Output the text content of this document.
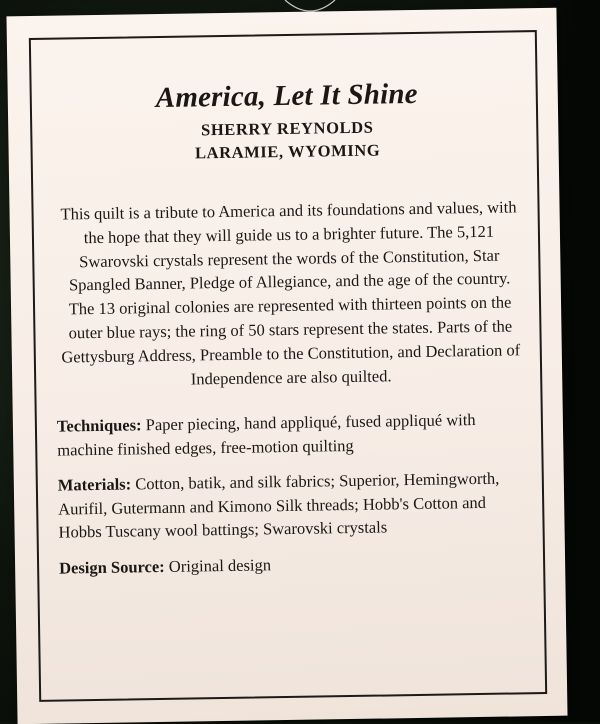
America, Let It Shine
SHERRY REYNOLDS
LARAMIE, WYOMING

This quilt is a tribute to America and its foundations and values, with the hope that they will guide us to a brighter future. The 5,121 Swarovski crystals represent the words of the Constitution, Star Spangled Banner, Pledge of Allegiance, and the age of the country. The 13 original colonies are represented with thirteen points on the outer blue rays; the ring of 50 stars represent the states. Parts of the Gettysburg Address, Preamble to the Constitution, and Declaration of Independence are also quilted.

Techniques: Paper piecing, hand appliqué, fused appliqué with machine finished edges, free-motion quilting

Materials: Cotton, batik, and silk fabrics; Superior, Hemingworth, Aurifil, Gutermann and Kimono Silk threads; Hobb's Cotton and Hobbs Tuscany wool battings; Swarovski crystals

Design Source: Original design
